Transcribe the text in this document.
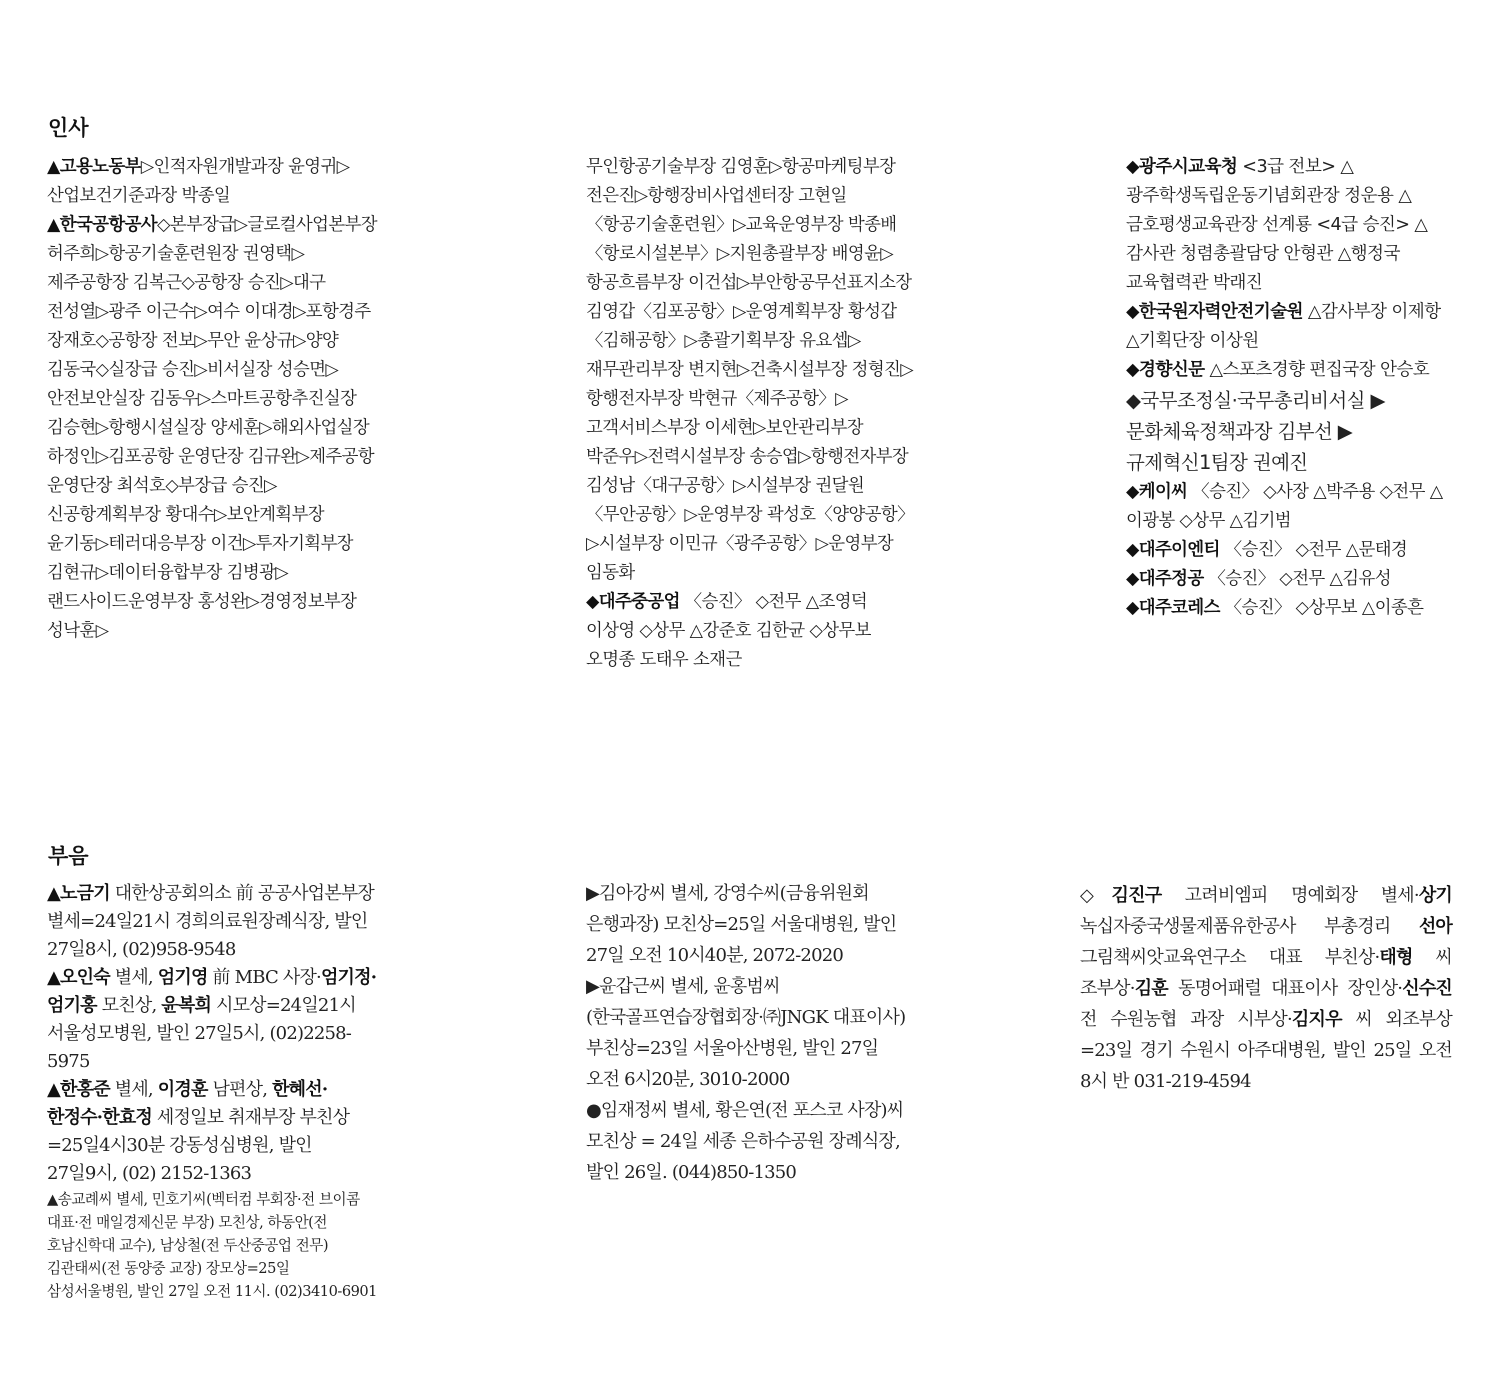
인사

▲고용노동부▷인적자원개발과장 윤영귀▷산업보건기준과장 박종일

▲한국공항공사◇본부장급▷글로컬사업본부장 허주희▷항공기술훈련원장 권영택▷제주공항장 김복근◇공항장 승진▷대구 전성열▷광주 이근수▷여수 이대경▷포항경주 장재호◇공항장 전보▷무안 윤상규▷양양 김동국◇실장급 승진▷비서실장 성승면▷안전보안실장 김동우▷스마트공항추진실장 김승현▷항행시설실장 양세훈▷해외사업실장 하정인▷김포공항 운영단장 김규완▷제주공항 운영단장 최석호◇부장급 승진▷신공항계획부장 황대수▷보안계획부장 윤기동▷테러대응부장 이건▷투자기획부장 김현규▷데이터융합부장 김병광▷랜드사이드운영부장 홍성완▷경영정보부장 성낙훈▷

무인항공기술부장 김영훈▷항공마케팅부장 전은진▷항행장비사업센터장 고현일〈항공기술훈련원〉▷교육운영부장 박종배〈항로시설본부〉▷지원총괄부장 배영윤▷항공흐름부장 이건섭▷부안항공무선표지소장 김영갑〈김포공항〉▷운영계획부장 황성갑〈김해공항〉▷총괄기획부장 유요셉▷재무관리부장 변지현▷건축시설부장 정형진▷항행전자부장 박현규〈제주공항〉▷고객서비스부장 이세현▷보안관리부장 박준우▷전력시설부장 송승엽▷항행전자부장 김성남〈대구공항〉▷시설부장 권달원〈무안공항〉▷운영부장 곽성호〈양양공항〉▷시설부장 이민규〈광주공항〉▷운영부장 임동화

◆대주중공업 〈승진〉 ◇전무 △조영덕 이상영 ◇상무 △강준호 김한균 ◇상무보 오명종 도태우 소재근

◆광주시교육청 <3급 전보> △광주학생독립운동기념회관장 정운용 △금호평생교육관장 선계룡 <4급 승진> △감사관 청렴총괄담당 안형관 △행정국 교육협력관 박래진

◆한국원자력안전기술원 △감사부장 이제항 △기획단장 이상원

◆경향신문 △스포츠경향 편집국장 안승호

◆국무조정실·국무총리비서실 ▶문화체육정책과장 김부선 ▶규제혁신1팀장 권예진

◆케이씨 〈승진〉 ◇사장 △박주용 ◇전무 △이광봉 ◇상무 △김기범

◆대주이엔티 〈승진〉 ◇전무 △문태경

◆대주정공 〈승진〉 ◇전무 △김유성

◆대주코레스 〈승진〉 ◇상무보 △이종흔

부음

▲노금기 대한상공회의소 前 공공사업본부장 별세=24일21시 경희의료원장례식장, 발인 27일8시, (02)958-9548

▲오인숙 별세, 엄기영 前 MBC 사장·엄기정·엄기홍 모친상, 윤복희 시모상=24일21시 서울성모병원, 발인 27일5시, (02)2258-5975

▲한홍준 별세, 이경훈 남편상, 한혜선·한정수·한효정 세정일보 취재부장 부친상=25일4시30분 강동성심병원, 발인 27일9시, (02) 2152-1363

▲송교례씨 별세, 민호기씨(벡터컴 부회장·전 브이콤 대표·전 매일경제신문 부장) 모친상, 하동안(전 호남신학대 교수), 남상철(전 두산중공업 전무) 김관태씨(전 동양중 교장) 장모상=25일 삼성서울병원, 발인 27일 오전 11시. (02)3410-6901

▶김아강씨 별세, 강영수씨(금융위원회 은행과장) 모친상=25일 서울대병원, 발인 27일 오전 10시40분, 2072-2020

▶윤갑근씨 별세, 윤홍범씨(한국골프연습장협회장·㈜JNGK 대표이사) 부친상=23일 서울아산병원, 발인 27일 오전 6시20분, 3010-2000

●임재정씨 별세, 황은연(전 포스코 사장)씨 모친상 = 24일 세종 은하수공원 장례식장, 발인 26일. (044)850-1350

◇김진구 고려비엠피 명예회장 별세·상기 녹십자중국생물제품유한공사 부총경리 선아 그림책씨앗교육연구소 대표 부친상·태형 씨 조부상·김훈 동명어패럴 대표이사 장인상·신수진 전 수원농협 과장 시부상·김지우 씨 외조부상=23일 경기 수원시 아주대병원, 발인 25일 오전 8시 반 031-219-4594
